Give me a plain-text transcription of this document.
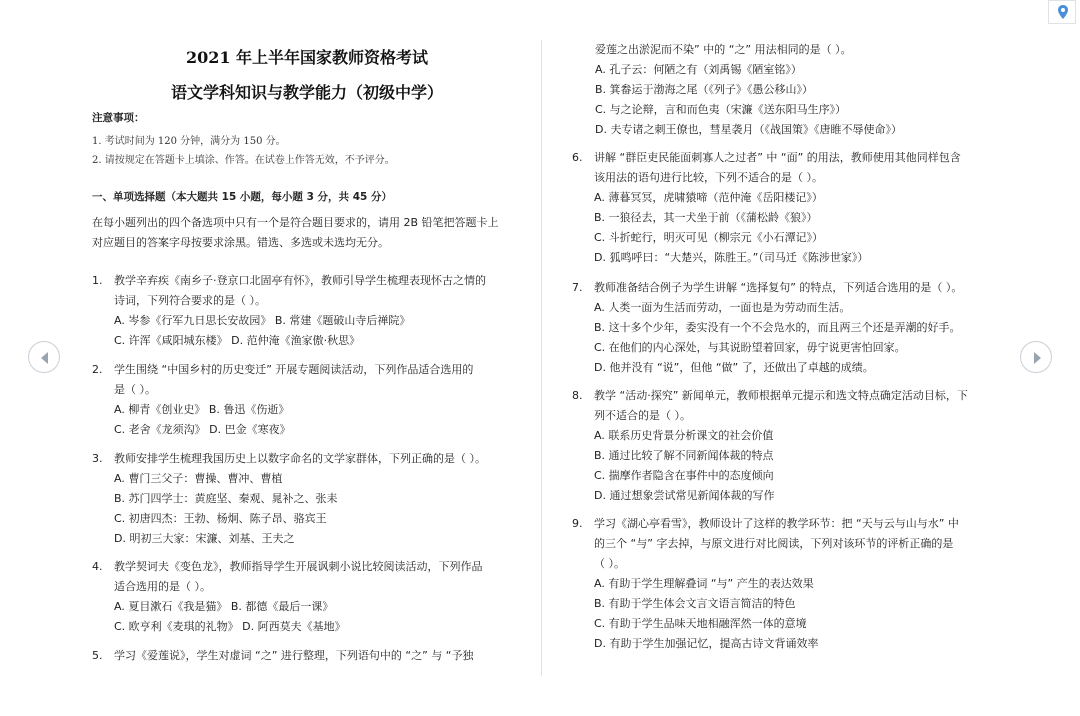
2021 年上半年国家教师资格考试
语文学科知识与教学能力（初级中学）
注意事项：
1. 考试时间为 120 分钟，满分为 150 分。
2. 请按规定在答题卡上填涂、作答。在试卷上作答无效，不予评分。
一、单项选择题（本大题共 15 小题，每小题 3 分，共 45 分）
在每小题列出的四个备选项中只有一个是符合题目要求的，请用 2B 铅笔把答题卡上
对应题目的答案字母按要求涂黑。错选、多选或未选均无分。
1. 教学辛弃疾《南乡子·登京口北固亭有怀》，教师引导学生梳理表现怀古之情的
诗词，下列符合要求的是（ ）。
A. 岑参《行军九日思长安故园》 B. 常建《题破山寺后禅院》
C. 许浑《咸阳城东楼》 D. 范仲淹《渔家傲·秋思》
2. 学生围绕 “中国乡村的历史变迁” 开展专题阅读活动，下列作品适合选用的
是（ ）。
A. 柳青《创业史》 B. 鲁迅《伤逝》
C. 老舍《龙须沟》 D. 巴金《寒夜》
3. 教师安排学生梳理我国历史上以数字命名的文学家群体，下列正确的是（ ）。
A. 曹门三父子：曹操、曹冲、曹植
B. 苏门四学士：黄庭坚、秦观、晁补之、张耒
C. 初唐四杰：王勃、杨炯、陈子昂、骆宾王
D. 明初三大家：宋濂、刘基、王夫之
4. 教学契诃夫《变色龙》，教师指导学生开展讽刺小说比较阅读活动，下列作品
适合选用的是（ ）。
A. 夏目漱石《我是猫》 B. 都德《最后一课》
C. 欧亨利《麦琪的礼物》 D. 阿西莫夫《基地》
5. 学习《爱莲说》，学生对虚词 “之” 进行整理，下列语句中的 “之” 与 “予独
爱莲之出淤泥而不染” 中的 “之” 用法相同的是（ ）。
A. 孔子云：何陋之有（刘禹锡《陋室铭》）
B. 箕畚运于渤海之尾（《列子》《愚公移山》）
C. 与之论辩，言和而色夷（宋濂《送东阳马生序》）
D. 夫专诸之刺王僚也，彗星袭月（《战国策》《唐睢不辱使命》）
6. 讲解 “群臣吏民能面刺寡人之过者” 中 “面” 的用法，教师使用其他同样包含
该用法的语句进行比较，下列不适合的是（ ）。
A. 薄暮冥冥，虎啸猿啼（范仲淹《岳阳楼记》）
B. 一狼径去，其一犬坐于前（《蒲松龄《狼》）
C. 斗折蛇行，明灭可见（柳宗元《小石潭记》）
D. 狐鸣呼曰：“大楚兴，陈胜王。”（司马迁《陈涉世家》）
7. 教师准备结合例子为学生讲解 “选择复句” 的特点，下列适合选用的是（ ）。
A. 人类一面为生活而劳动，一面也是为劳动而生活。
B. 这十多个少年，委实没有一个不会凫水的，而且两三个还是弄潮的好手。
C. 在他们的内心深处，与其说盼望着回家，毋宁说更害怕回家。
D. 他并没有 “说”，但他 “做” 了，还做出了卓越的成绩。
8. 教学 “活动·探究” 新闻单元，教师根据单元提示和选文特点确定活动目标，下
列不适合的是（ ）。
A. 联系历史背景分析课文的社会价值
B. 通过比较了解不同新闻体裁的特点
C. 揣摩作者隐含在事件中的态度倾向
D. 通过想象尝试常见新闻体裁的写作
9. 学习《湖心亭看雪》，教师设计了这样的教学环节：把 “天与云与山与水” 中
的三个 “与” 字去掉，与原文进行对比阅读，下列对该环节的评析正确的是
（ ）。
A. 有助于学生理解叠词 “与” 产生的表达效果
B. 有助于学生体会文言文语言简洁的特色
C. 有助于学生品味天地相融浑然一体的意境
D. 有助于学生加强记忆，提高古诗文背诵效率
